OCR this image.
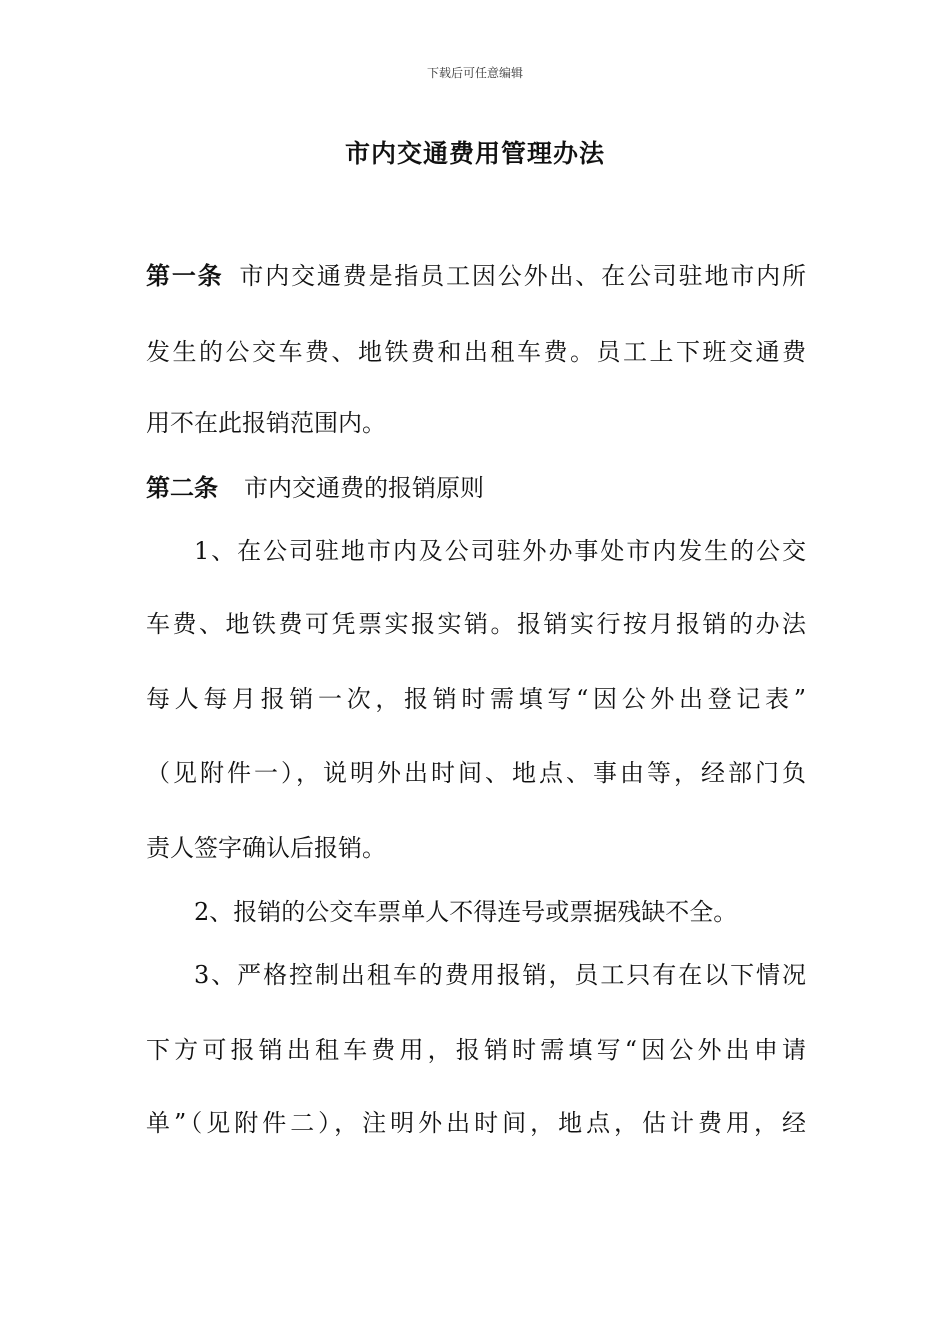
下载后可任意编辑
市内交通费用管理办法
第一条 市内交通费是指员工因公外出、在公司驻地市内所
发生的公交车费、地铁费和出租车费。员工上下班交通费
用不在此报销范围内。
第二条 市内交通费的报销原则
1、在公司驻地市内及公司驻外办事处市内发生的公交
车费、地铁费可凭票实报实销。报销实行按月报销的办法
每人每月报销一次，报销时需填写“因公外出登记表”
（见附件一），说明外出时间、地点、事由等，经部门负
责人签字确认后报销。
2、报销的公交车票单人不得连号或票据残缺不全。
3、严格控制出租车的费用报销，员工只有在以下情况
下方可报销出租车费用，报销时需填写“因公外出申请
单”（见附件二），注明外出时间，地点，估计费用，经
